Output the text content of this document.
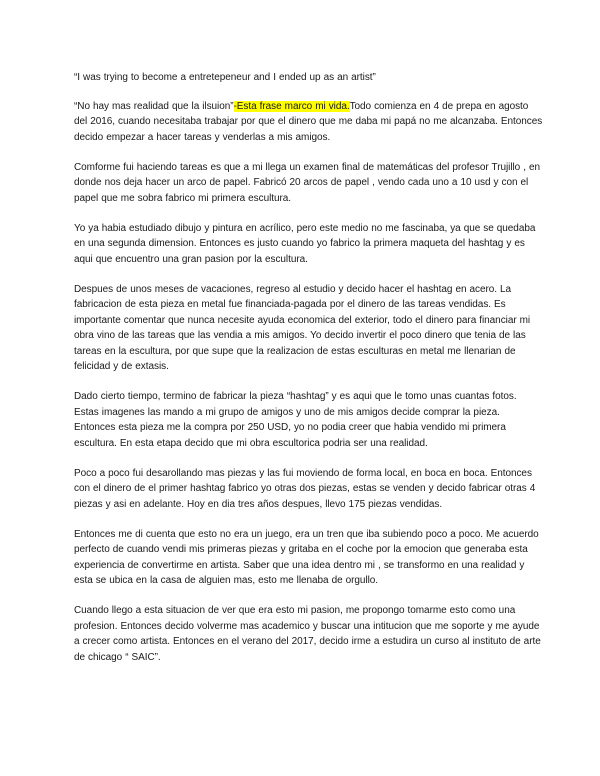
“I was trying to become a entretepeneur and I ended up as an artist”

“No hay mas realidad que la ilsuion”-Esta frase marco mi vida.Todo comienza en 4 de prepa en agosto del 2016, cuando necesitaba trabajar por que el dinero que me daba mi papá no me alcanzaba. Entonces decido empezar a hacer tareas y venderlas a mis amigos.

Comforme fui haciendo tareas es que a mi llega un examen final de matemáticas del profesor Trujillo , en donde nos deja hacer un arco de papel. Fabricó 20 arcos de papel , vendo cada uno a 10 usd y con el papel que me sobra fabrico mi primera escultura.

Yo ya habia estudiado dibujo y pintura en acrílico, pero este medio no me fascinaba, ya que se quedaba en una segunda dimension. Entonces es justo cuando yo fabrico la primera maqueta del hashtag y es aqui que encuentro una gran pasion por la escultura.

Despues de unos meses de vacaciones, regreso al estudio y decido hacer el hashtag en acero. La fabricacion de esta pieza en metal fue financiada-pagada por el dinero de las tareas vendidas. Es importante comentar que nunca necesite ayuda economica del exterior, todo el dinero para financiar mi obra vino de las tareas que las vendia a mis amigos. Yo decido invertir el poco dinero que tenia de las tareas en la escultura, por que supe que la realizacion de estas esculturas en metal me llenarian de felicidad y de extasis.

Dado cierto tiempo, termino de fabricar la pieza “hashtag” y es aqui que le tomo unas cuantas fotos. Estas imagenes las mando a mi grupo de amigos y uno de mis amigos decide comprar la pieza. Entonces esta pieza me la compra por 250 USD, yo no podia creer que habia vendido mi primera escultura. En esta etapa decido que mi obra escultorica podria ser una realidad.

Poco a poco fui desarollando mas piezas y las fui moviendo de forma local, en boca en boca. Entonces con el dinero de el primer hashtag fabrico yo otras dos piezas, estas se venden y decido fabricar otras 4 piezas y asi en adelante. Hoy en dia tres años despues, llevo 175 piezas vendidas.

Entonces me di cuenta que esto no era un juego, era un tren que iba subiendo poco a poco. Me acuerdo perfecto de cuando vendi mis primeras piezas y gritaba en el coche por la emocion que generaba esta experiencia de convertirme en artista. Saber que una idea dentro mi , se transformo en una realidad y esta se ubica en la casa de alguien mas, esto me llenaba de orgullo.

Cuando llego a esta situacion de ver que era esto mi pasion, me propongo tomarme esto como una profesion. Entonces decido volverme mas academico y buscar una intitucion que me soporte y me ayude a crecer como artista. Entonces en el verano del 2017, decido irme a estudira un curso al instituto de arte de chicago “ SAIC”.
